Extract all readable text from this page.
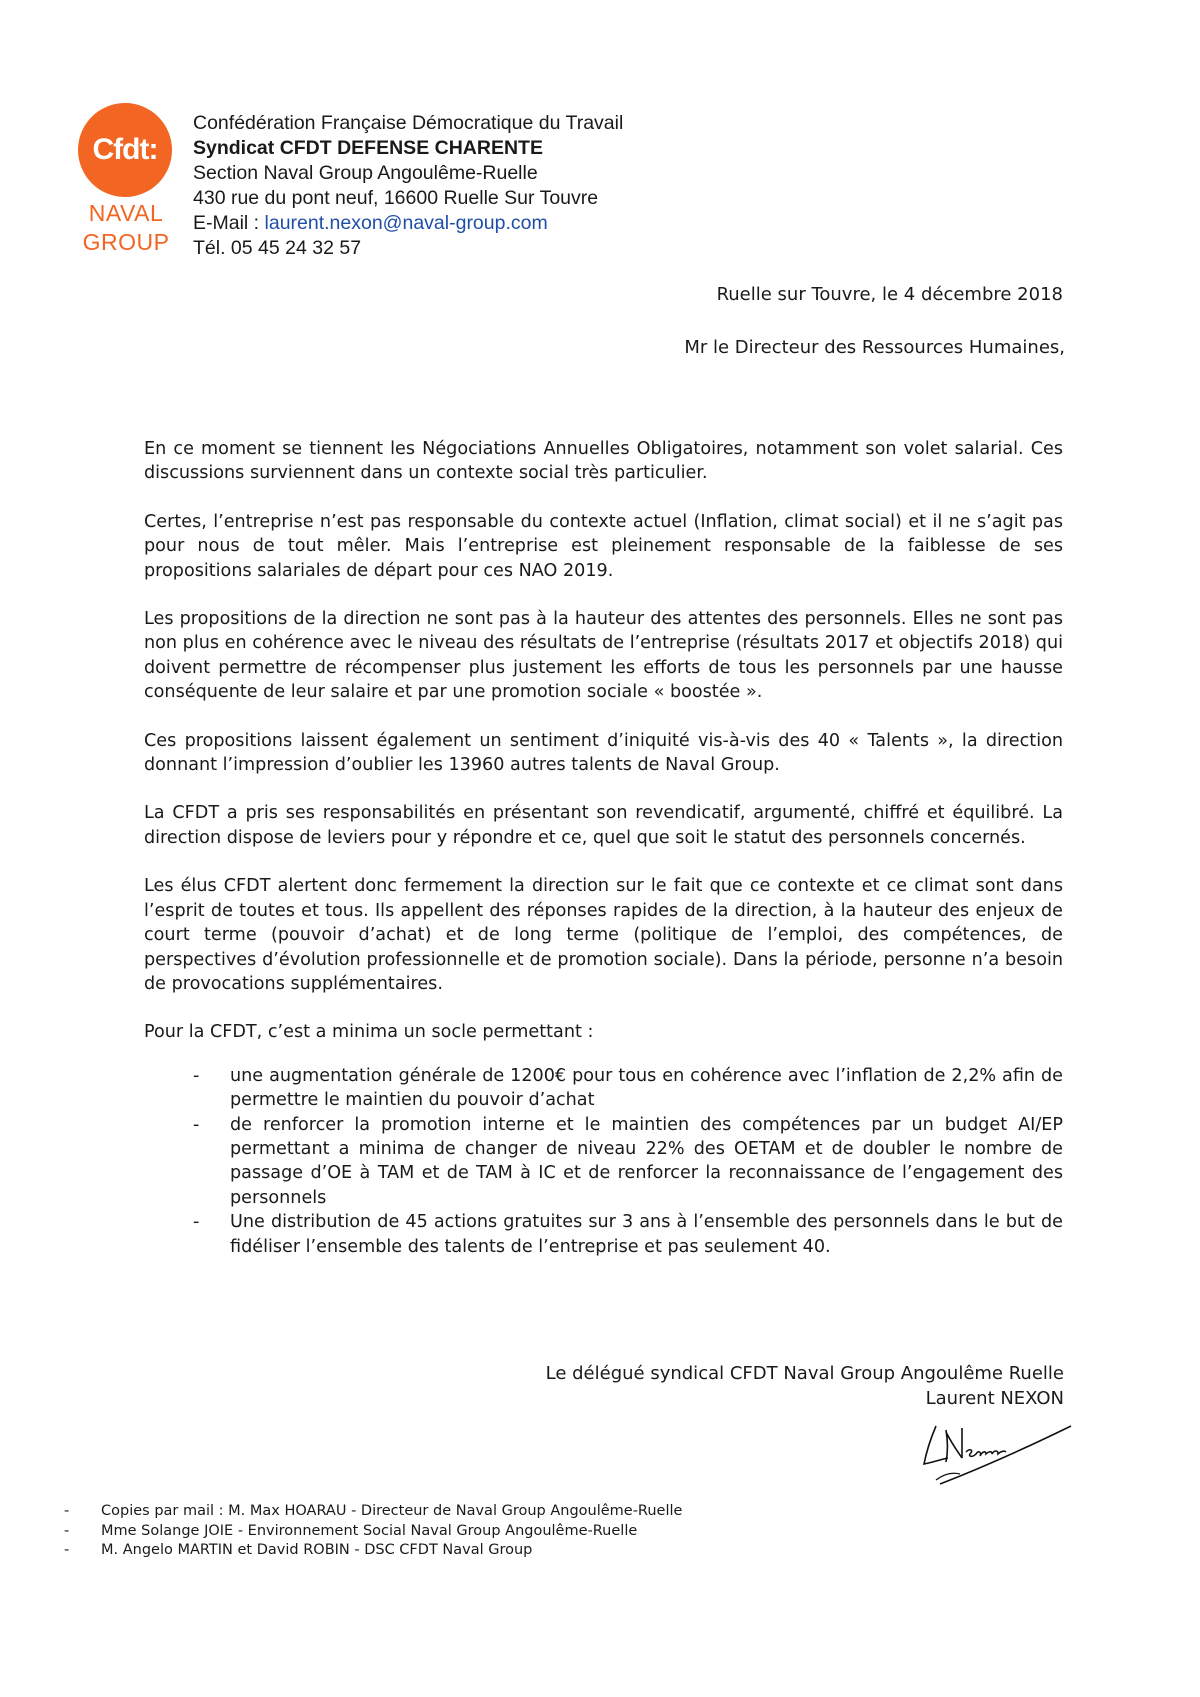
Cfdt:
NAVAL
GROUP
Confédération Française Démocratique du Travail
Syndicat CFDT DEFENSE CHARENTE
Section Naval Group Angoulême-Ruelle
430 rue du pont neuf, 16600 Ruelle Sur Touvre
E-Mail : laurent.nexon@naval-group.com
Tél. 05 45 24 32 57
Ruelle sur Touvre, le 4 décembre 2018
Mr le Directeur des Ressources Humaines,

En ce moment se tiennent les Négociations Annuelles Obligatoires, notamment son volet salarial. Ces discussions surviennent dans un contexte social très particulier.

Certes, l’entreprise n’est pas responsable du contexte actuel (Inflation, climat social) et il ne s’agit pas pour nous de tout mêler. Mais l’entreprise est pleinement responsable de la faiblesse de ses propositions salariales de départ pour ces NAO 2019.

Les propositions de la direction ne sont pas à la hauteur des attentes des personnels. Elles ne sont pas non plus en cohérence avec le niveau des résultats de l’entreprise (résultats 2017 et objectifs 2018) qui doivent permettre de récompenser plus justement les efforts de tous les personnels par une hausse conséquente de leur salaire et par une promotion sociale « boostée ».

Ces propositions laissent également un sentiment d’iniquité vis-à-vis des 40 « Talents », la direction donnant l’impression d’oublier les 13960 autres talents de Naval Group.

La CFDT a pris ses responsabilités en présentant son revendicatif, argumenté, chiffré et équilibré. La direction dispose de leviers pour y répondre et ce, quel que soit le statut des personnels concernés.

Les élus CFDT alertent donc fermement la direction sur le fait que ce contexte et ce climat sont dans l’esprit de toutes et tous. Ils appellent des réponses rapides de la direction, à la hauteur des enjeux de court terme (pouvoir d’achat) et de long terme (politique de l’emploi, des compétences, de perspectives d’évolution professionnelle et de promotion sociale). Dans la période, personne n’a besoin de provocations supplémentaires.

Pour la CFDT, c’est a minima un socle permettant :

- une augmentation générale de 1200€ pour tous en cohérence avec l’inflation de 2,2% afin de permettre le maintien du pouvoir d’achat
- de renforcer la promotion interne et le maintien des compétences par un budget AI/EP permettant a minima de changer de niveau 22% des OETAM et de doubler le nombre de passage d’OE à TAM et de TAM à IC et de renforcer la reconnaissance de l’engagement des personnels
- Une distribution de 45 actions gratuites sur 3 ans à l’ensemble des personnels dans le but de fidéliser l’ensemble des talents de l’entreprise et pas seulement 40.
Le délégué syndical CFDT Naval Group Angoulême Ruelle
Laurent NEXON
- Copies par mail : M. Max HOARAU - Directeur de Naval Group Angoulême-Ruelle
- Mme Solange JOIE - Environnement Social Naval Group Angoulême-Ruelle
- M. Angelo MARTIN et David ROBIN - DSC CFDT Naval Group
